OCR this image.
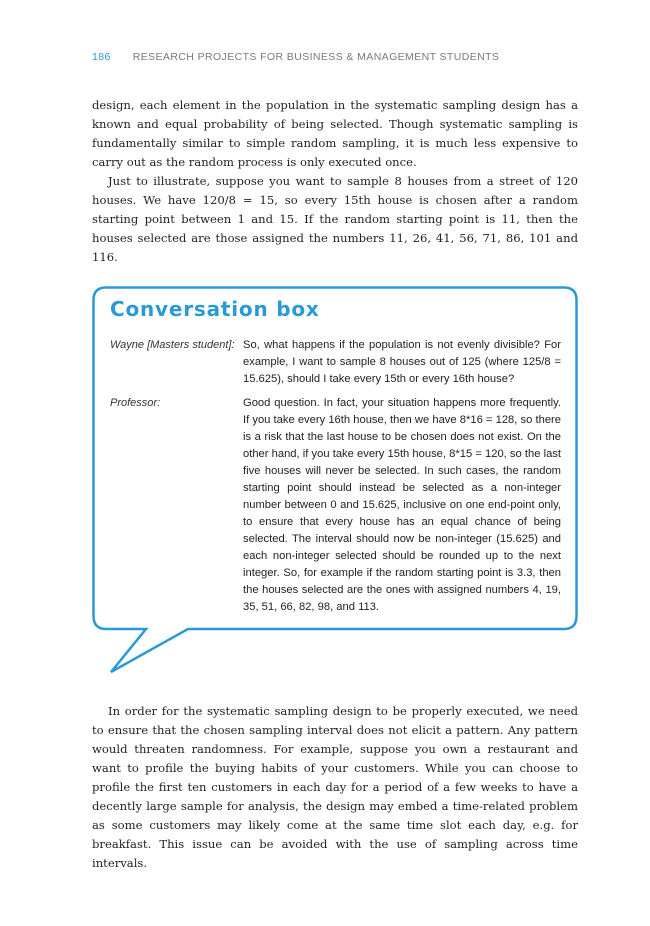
186 RESEARCH PROJECTS FOR BUSINESS & MANAGEMENT STUDENTS

design, each element in the population in the systematic sampling design has a known and equal probability of being selected. Though systematic sampling is fundamentally similar to simple random sampling, it is much less expensive to carry out as the random process is only executed once.

Just to illustrate, suppose you want to sample 8 houses from a street of 120 houses. We have 120/8 = 15, so every 15th house is chosen after a random starting point between 1 and 15. If the random starting point is 11, then the houses selected are those assigned the numbers 11, 26, 41, 56, 71, 86, 101 and 116.

Conversation box
Wayne [Masters student]: So, what happens if the population is not evenly divisible? For example, I want to sample 8 houses out of 125 (where 125/8 = 15.625), should I take every 15th or every 16th house?
Professor:	Good question. In fact, your situation happens more frequently. If you take every 16th house, then we have 8*16 = 128, so there is a risk that the last house to be chosen does not exist. On the other hand, if you take every 15th house, 8*15 = 120, so the last five houses will never be selected. In such cases, the random starting point should instead be selected as a non-integer number between 0 and 15.625, inclusive on one end-point only, to ensure that every house has an equal chance of being selected. The interval should now be non-integer (15.625) and each non-integer selected should be rounded up to the next integer. So, for example if the random starting point is 3.3, then the houses selected are the ones with assigned numbers 4, 19, 35, 51, 66, 82, 98, and 113.

In order for the systematic sampling design to be properly executed, we need to ensure that the chosen sampling interval does not elicit a pattern. Any pattern would threaten randomness. For example, suppose you own a restaurant and want to profile the buying habits of your customers. While you can choose to profile the first ten customers in each day for a period of a few weeks to have a decently large sample for analysis, the design may embed a time-related problem as some customers may likely come at the same time slot each day, e.g. for breakfast. This issue can be avoided with the use of sampling across time intervals.
